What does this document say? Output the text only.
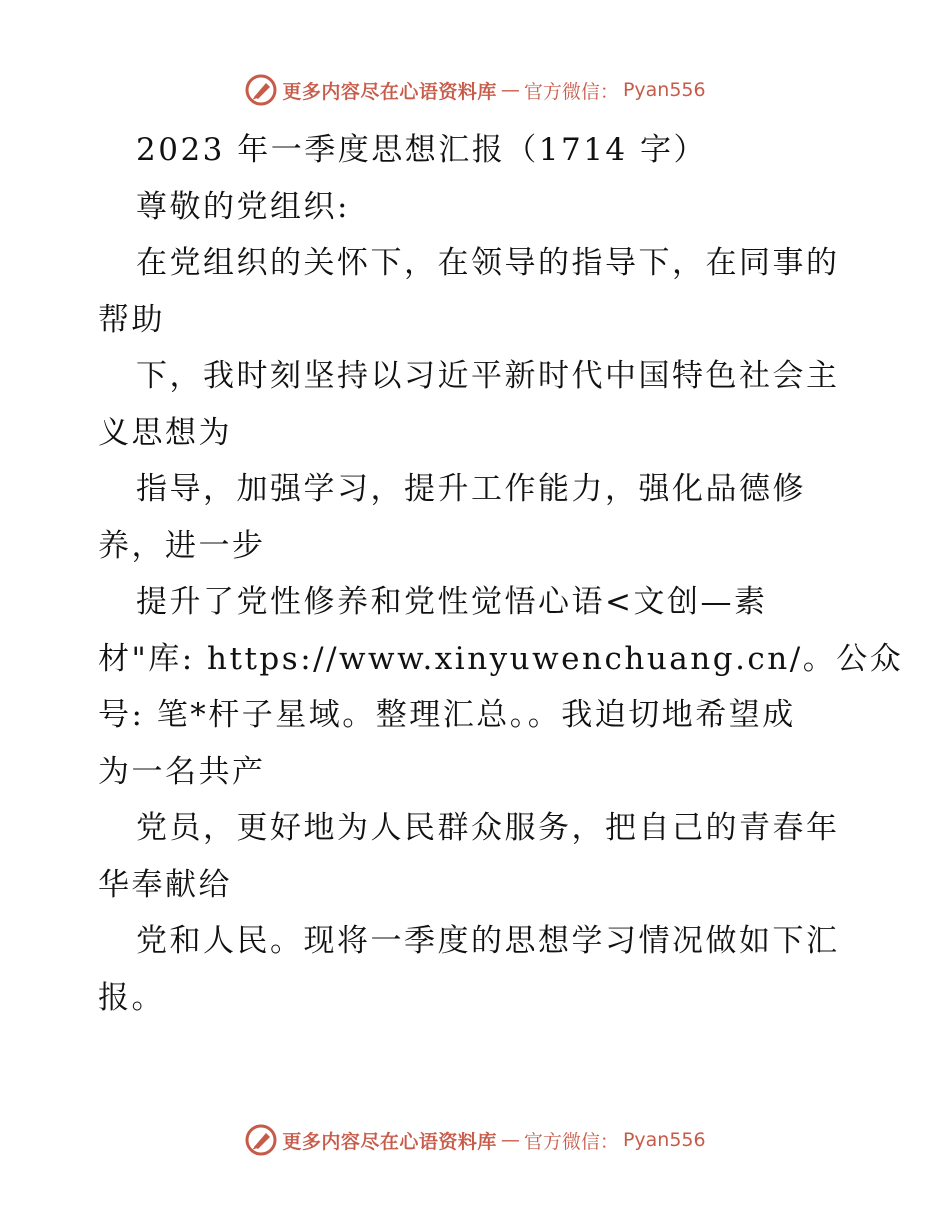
更多内容尽在心语资料库 — 官方微信： Pyan556
2023 年一季度思想汇报（1714 字）
尊敬的党组织:
在党组织的关怀下，在领导的指导下，在同事的
帮助
下，我时刻坚持以习近平新时代中国特色社会主
义思想为
指导，加强学习，提升工作能力，强化品德修
养，进一步
提升了党性修养和党性觉悟心语<文创—素
材"库: https://www.xinyuwenchuang.cn/。公众
号: 笔*杆子星域。整理汇总。。我迫切地希望成
为一名共产
党员，更好地为人民群众服务，把自己的青春年
华奉献给
党和人民。现将一季度的思想学习情况做如下汇
报。
更多内容尽在心语资料库 — 官方微信： Pyan556
